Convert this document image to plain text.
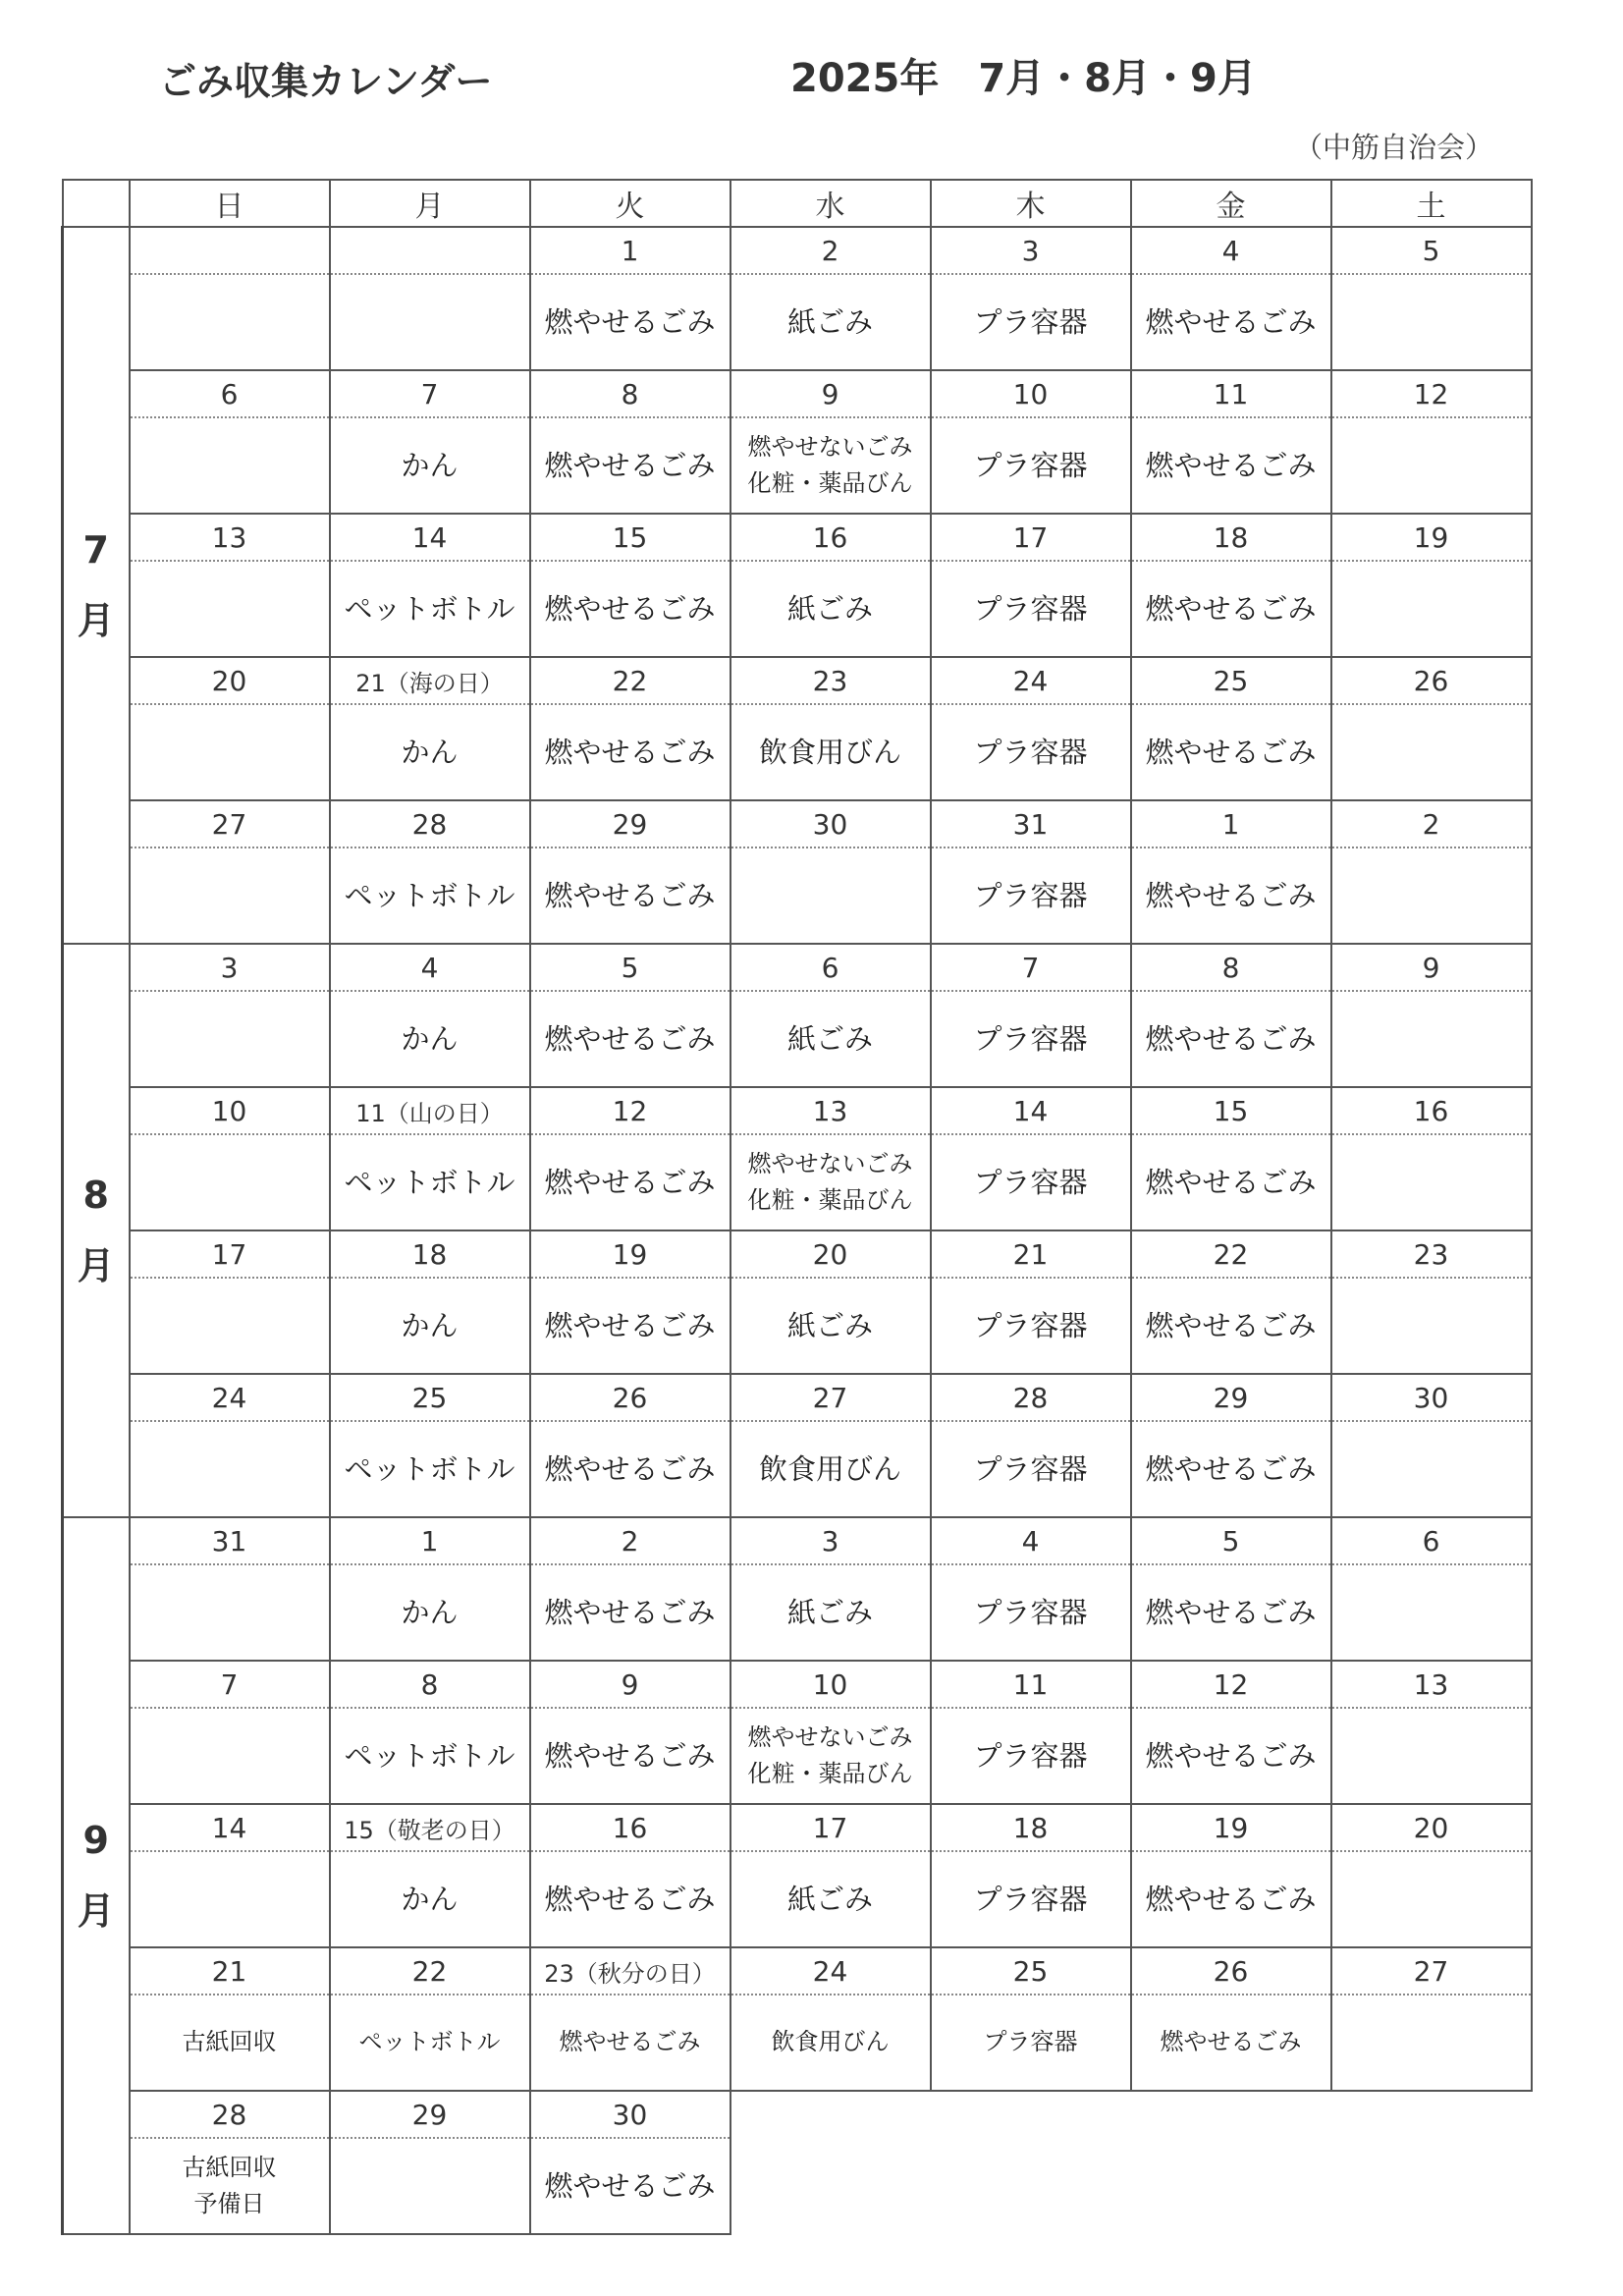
ごみ収集カレンダー	2025年　7月・8月・9月
（中筋自治会）
	日	月	火	水	木	金	土

7
月			1	2	3	4	5

			燃やせるごみ	紙ごみ	プラ容器	燃やせるごみ	

	6	7	8	9	10	11	12

		かん	燃やせるごみ	燃やせないごみ
化粧・薬品びん	プラ容器	燃やせるごみ	

	13	14	15	16	17	18	19

		ペットボトル	燃やせるごみ	紙ごみ	プラ容器	燃やせるごみ	

	20	21（海の日）	22	23	24	25	26

		かん	燃やせるごみ	飲食用びん	プラ容器	燃やせるごみ	

	27	28	29	30	31	1	2

		ペットボトル	燃やせるごみ		プラ容器	燃やせるごみ	

8
月	3	4	5	6	7	8	9

		かん	燃やせるごみ	紙ごみ	プラ容器	燃やせるごみ	

	10	11（山の日）	12	13	14	15	16

		ペットボトル	燃やせるごみ	燃やせないごみ
化粧・薬品びん	プラ容器	燃やせるごみ	

	17	18	19	20	21	22	23

		かん	燃やせるごみ	紙ごみ	プラ容器	燃やせるごみ	

	24	25	26	27	28	29	30

		ペットボトル	燃やせるごみ	飲食用びん	プラ容器	燃やせるごみ	

9
月	31	1	2	3	4	5	6

		かん	燃やせるごみ	紙ごみ	プラ容器	燃やせるごみ	

	7	8	9	10	11	12	13

		ペットボトル	燃やせるごみ	燃やせないごみ
化粧・薬品びん	プラ容器	燃やせるごみ	

	14	15（敬老の日）	16	17	18	19	20

		かん	燃やせるごみ	紙ごみ	プラ容器	燃やせるごみ	

	21	22	23（秋分の日）	24	25	26	27

	古紙回収	ペットボトル	燃やせるごみ	飲食用びん	プラ容器	燃やせるごみ	

	28	29	30				

	古紙回収
予備日		燃やせるごみ				
